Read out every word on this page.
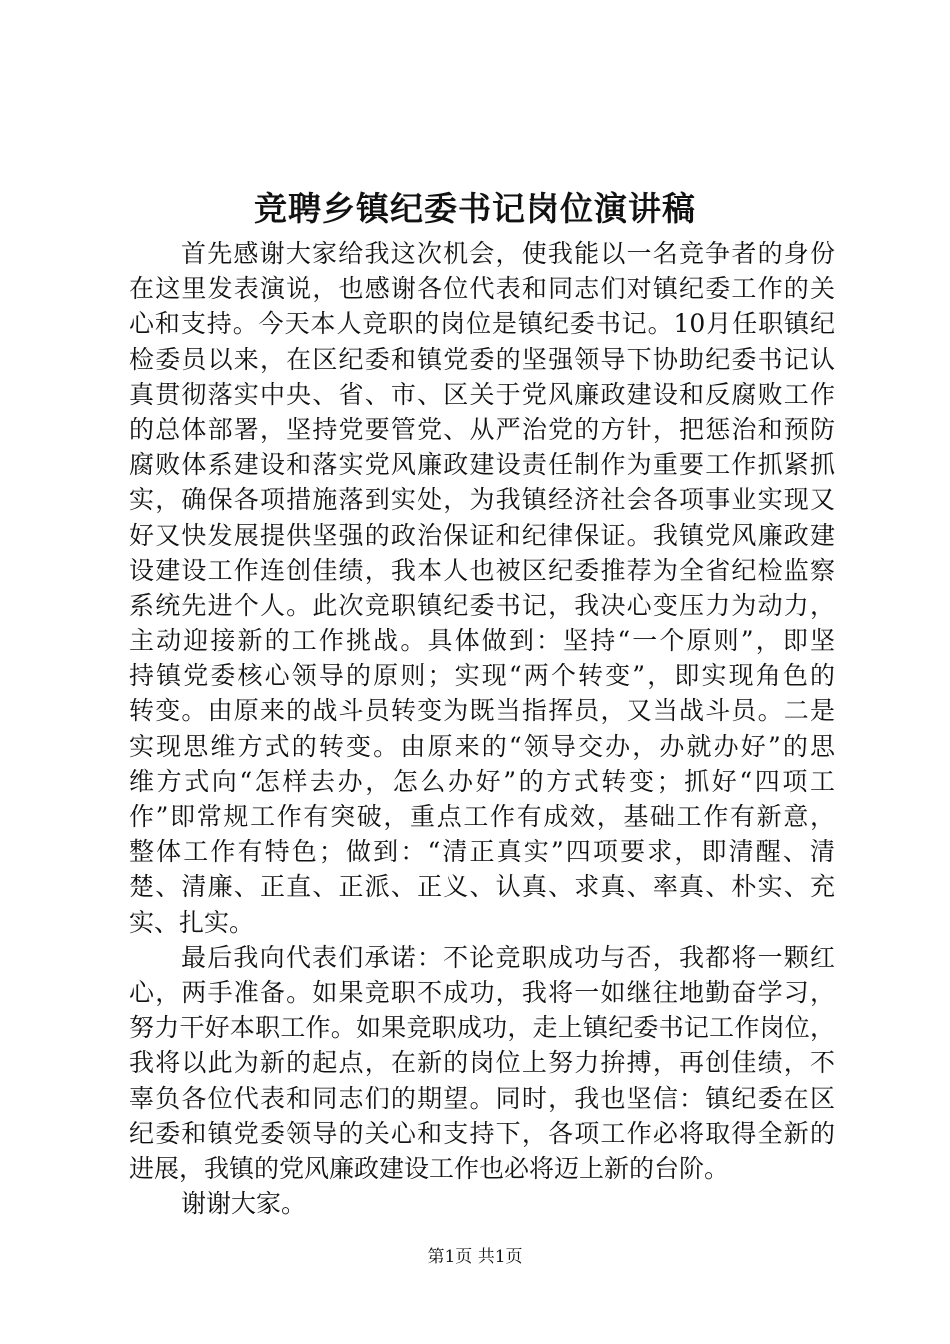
竞聘乡镇纪委书记岗位演讲稿
首先感谢大家给我这次机会，使我能以一名竞争者的身份
在这里发表演说，也感谢各位代表和同志们对镇纪委工作的关
心和支持。今天本人竞职的岗位是镇纪委书记。10月任职镇纪
检委员以来，在区纪委和镇党委的坚强领导下协助纪委书记认
真贯彻落实中央、省、市、区关于党风廉政建设和反腐败工作
的总体部署，坚持党要管党、从严治党的方针，把惩治和预防
腐败体系建设和落实党风廉政建设责任制作为重要工作抓紧抓
实，确保各项措施落到实处，为我镇经济社会各项事业实现又
好又快发展提供坚强的政治保证和纪律保证。我镇党风廉政建
设建设工作连创佳绩，我本人也被区纪委推荐为全省纪检监察
系统先进个人。此次竞职镇纪委书记，我决心变压力为动力，
主动迎接新的工作挑战。具体做到：坚持“一个原则”，即坚
持镇党委核心领导的原则；实现“两个转变”，即实现角色的
转变。由原来的战斗员转变为既当指挥员，又当战斗员。二是
实现思维方式的转变。由原来的“领导交办，办就办好”的思
维方式向“怎样去办，怎么办好”的方式转变；抓好“四项工
作”即常规工作有突破，重点工作有成效，基础工作有新意，
整体工作有特色；做到：“清正真实”四项要求，即清醒、清
楚、清廉、正直、正派、正义、认真、求真、率真、朴实、充
实、扎实。
最后我向代表们承诺：不论竞职成功与否，我都将一颗红
心，两手准备。如果竞职不成功，我将一如继往地勤奋学习，
努力干好本职工作。如果竞职成功，走上镇纪委书记工作岗位，
我将以此为新的起点，在新的岗位上努力拚搏，再创佳绩，不
辜负各位代表和同志们的期望。同时，我也坚信：镇纪委在区
纪委和镇党委领导的关心和支持下，各项工作必将取得全新的
进展，我镇的党风廉政建设工作也必将迈上新的台阶。
谢谢大家。
第1页 共1页
